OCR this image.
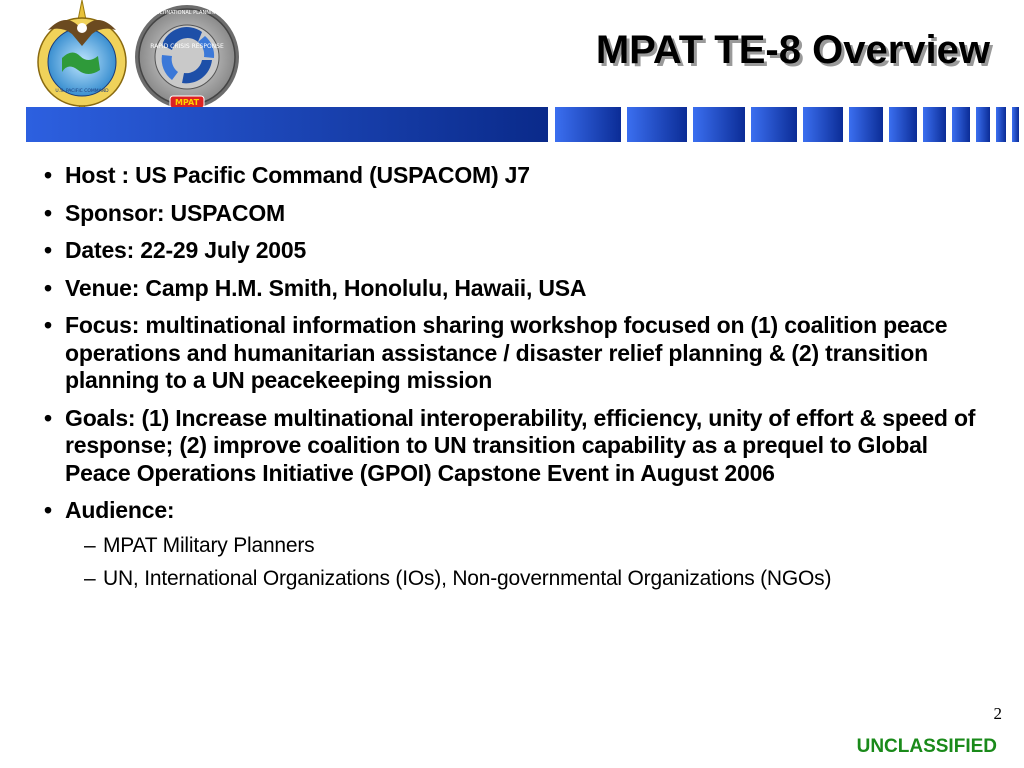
RAPID CRISIS RESPONSE
MPAT
U.S. PACIFIC COMMAND
MULTINATIONAL PLANNING AUGMENTATION TEAM
MPAT TE-8 Overview
• Host : US Pacific Command (USPACOM) J7
• Sponsor: USPACOM
• Dates: 22-29 July 2005
• Venue: Camp H.M. Smith, Honolulu, Hawaii, USA
• Focus: multinational information sharing workshop focused on (1) coalition peace operations and humanitarian assistance / disaster relief planning & (2) transition planning to a UN peacekeeping mission
• Goals: (1) Increase multinational interoperability, efficiency, unity of effort & speed of response; (2) improve coalition to UN transition capability as a prequel to Global Peace Operations Initiative (GPOI) Capstone Event in August 2006
• Audience:
– MPAT Military Planners
– UN, International Organizations (IOs), Non-governmental Organizations (NGOs)
2
UNCLASSIFIED
